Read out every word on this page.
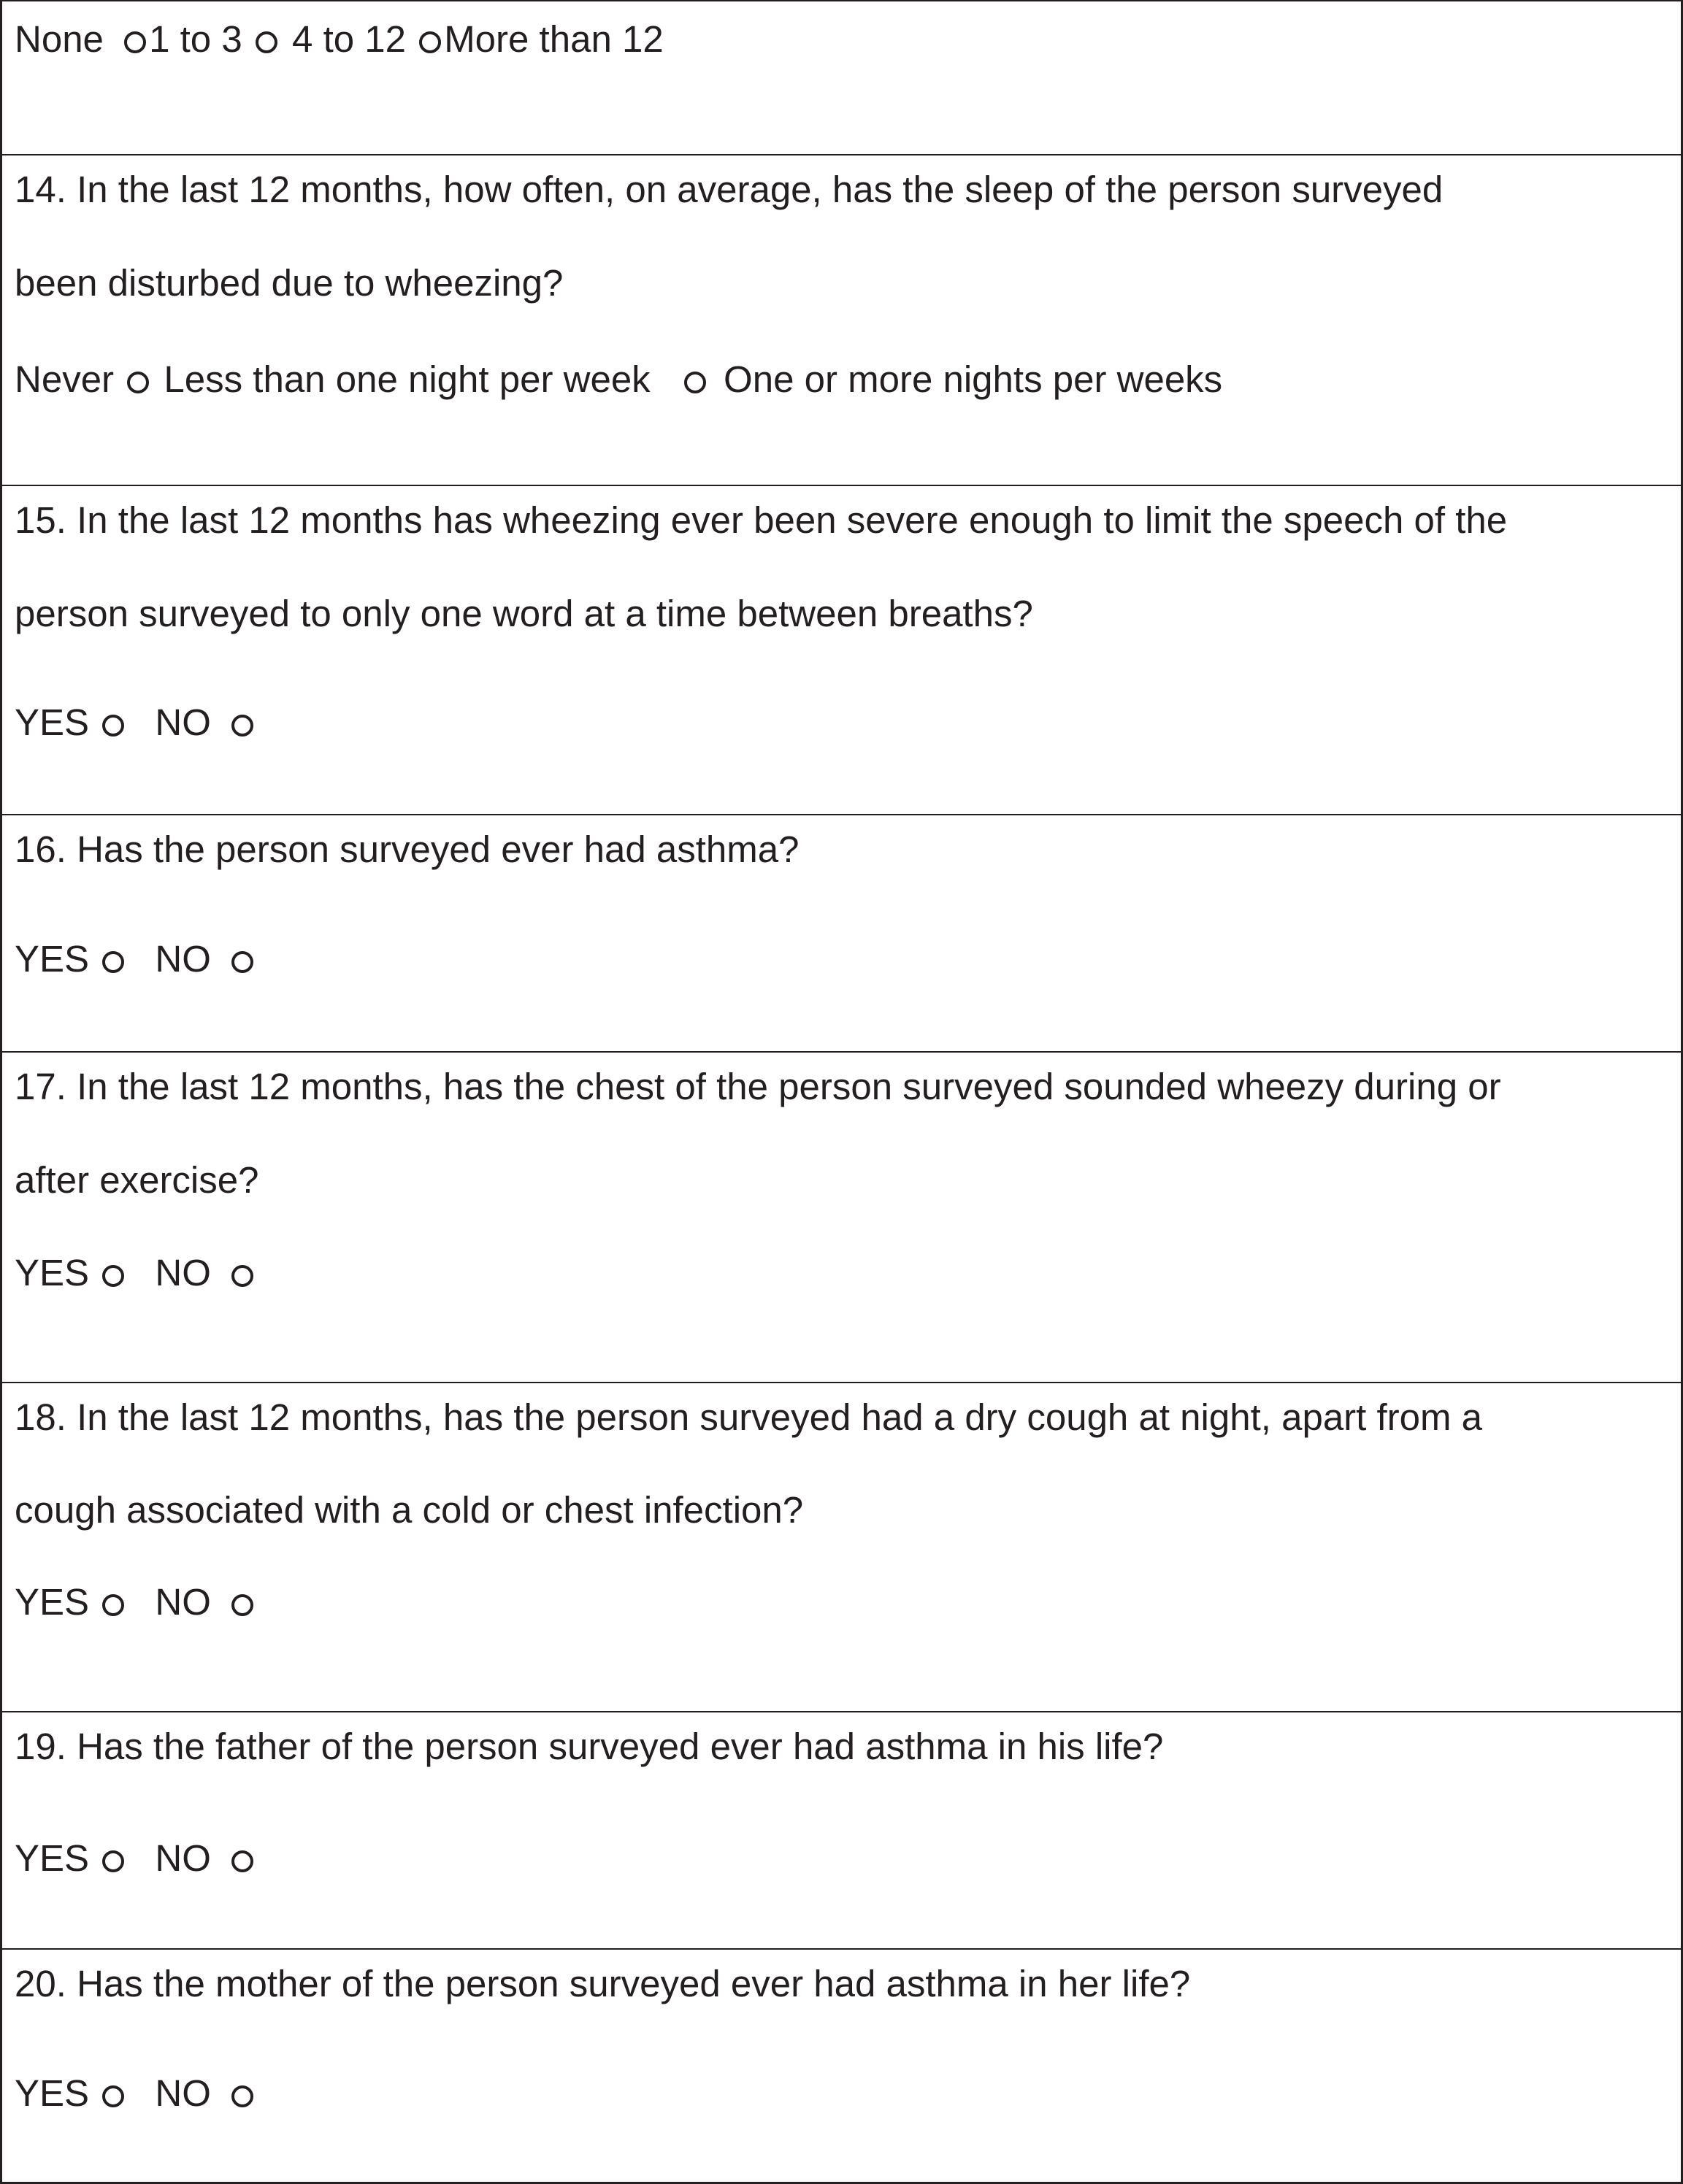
None 1 to 3 4 to 12 More than 12
14. In the last 12 months, how often, on average, has the sleep of the person surveyed
been disturbed due to wheezing?
Never Less than one night per week One or more nights per weeks
15. In the last 12 months has wheezing ever been severe enough to limit the speech of the
person surveyed to only one word at a time between breaths?
YES NO
16. Has the person surveyed ever had asthma?
YES NO
17. In the last 12 months, has the chest of the person surveyed sounded wheezy during or
after exercise?
YES NO
18. In the last 12 months, has the person surveyed had a dry cough at night, apart from a
cough associated with a cold or chest infection?
YES NO
19. Has the father of the person surveyed ever had asthma in his life?
YES NO
20. Has the mother of the person surveyed ever had asthma in her life?
YES NO
